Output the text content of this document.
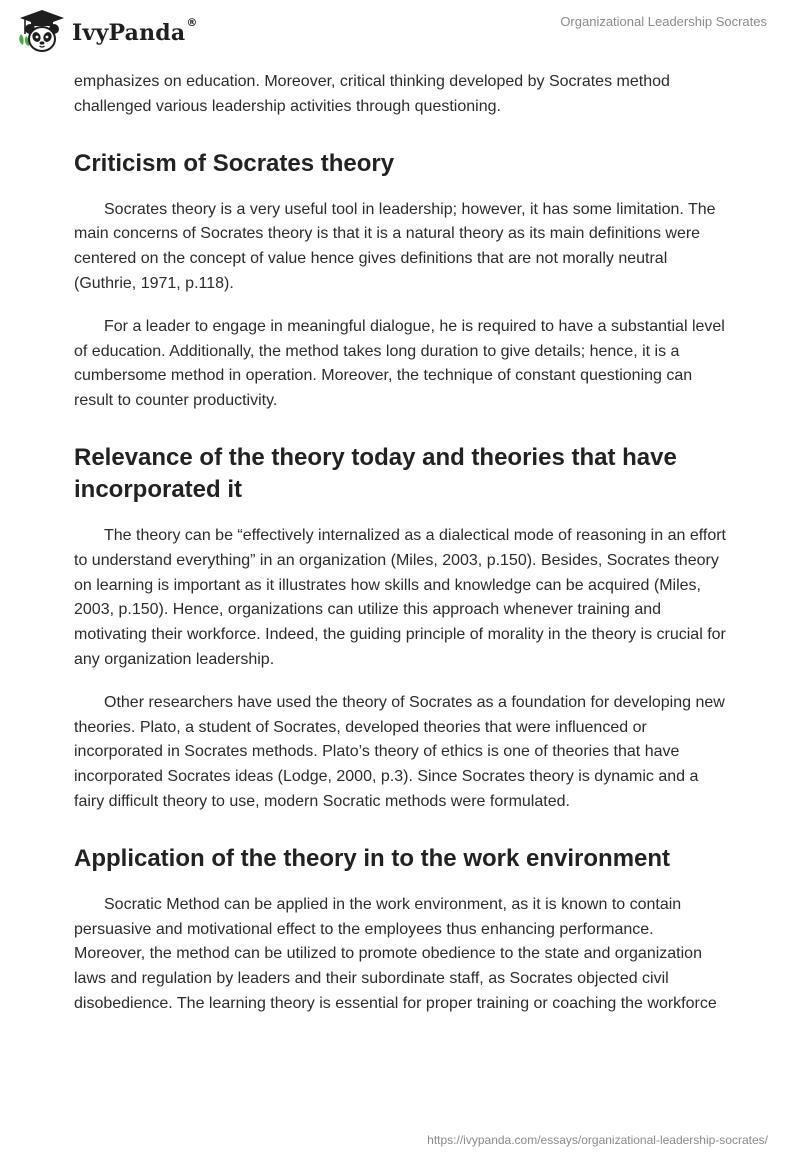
IvyPanda®	Organizational Leadership Socrates

emphasizes on education. Moreover, critical thinking developed by Socrates method challenged various leadership activities through questioning.

Criticism of Socrates theory

Socrates theory is a very useful tool in leadership; however, it has some limitation. The main concerns of Socrates theory is that it is a natural theory as its main definitions were centered on the concept of value hence gives definitions that are not morally neutral (Guthrie, 1971, p.118).

For a leader to engage in meaningful dialogue, he is required to have a substantial level of education. Additionally, the method takes long duration to give details; hence, it is a cumbersome method in operation. Moreover, the technique of constant questioning can result to counter productivity.

Relevance of the theory today and theories that have incorporated it

The theory can be “effectively internalized as a dialectical mode of reasoning in an effort to understand everything” in an organization (Miles, 2003, p.150). Besides, Socrates theory on learning is important as it illustrates how skills and knowledge can be acquired (Miles, 2003, p.150). Hence, organizations can utilize this approach whenever training and motivating their workforce. Indeed, the guiding principle of morality in the theory is crucial for any organization leadership.

Other researchers have used the theory of Socrates as a foundation for developing new theories. Plato, a student of Socrates, developed theories that were influenced or incorporated in Socrates methods. Plato’s theory of ethics is one of theories that have incorporated Socrates ideas (Lodge, 2000, p.3). Since Socrates theory is dynamic and a fairy difficult theory to use, modern Socratic methods were formulated.

Application of the theory in to the work environment

Socratic Method can be applied in the work environment, as it is known to contain persuasive and motivational effect to the employees thus enhancing performance. Moreover, the method can be utilized to promote obedience to the state and organization laws and regulation by leaders and their subordinate staff, as Socrates objected civil disobedience. The learning theory is essential for proper training or coaching the workforce

https://ivypanda.com/essays/organizational-leadership-socrates/
